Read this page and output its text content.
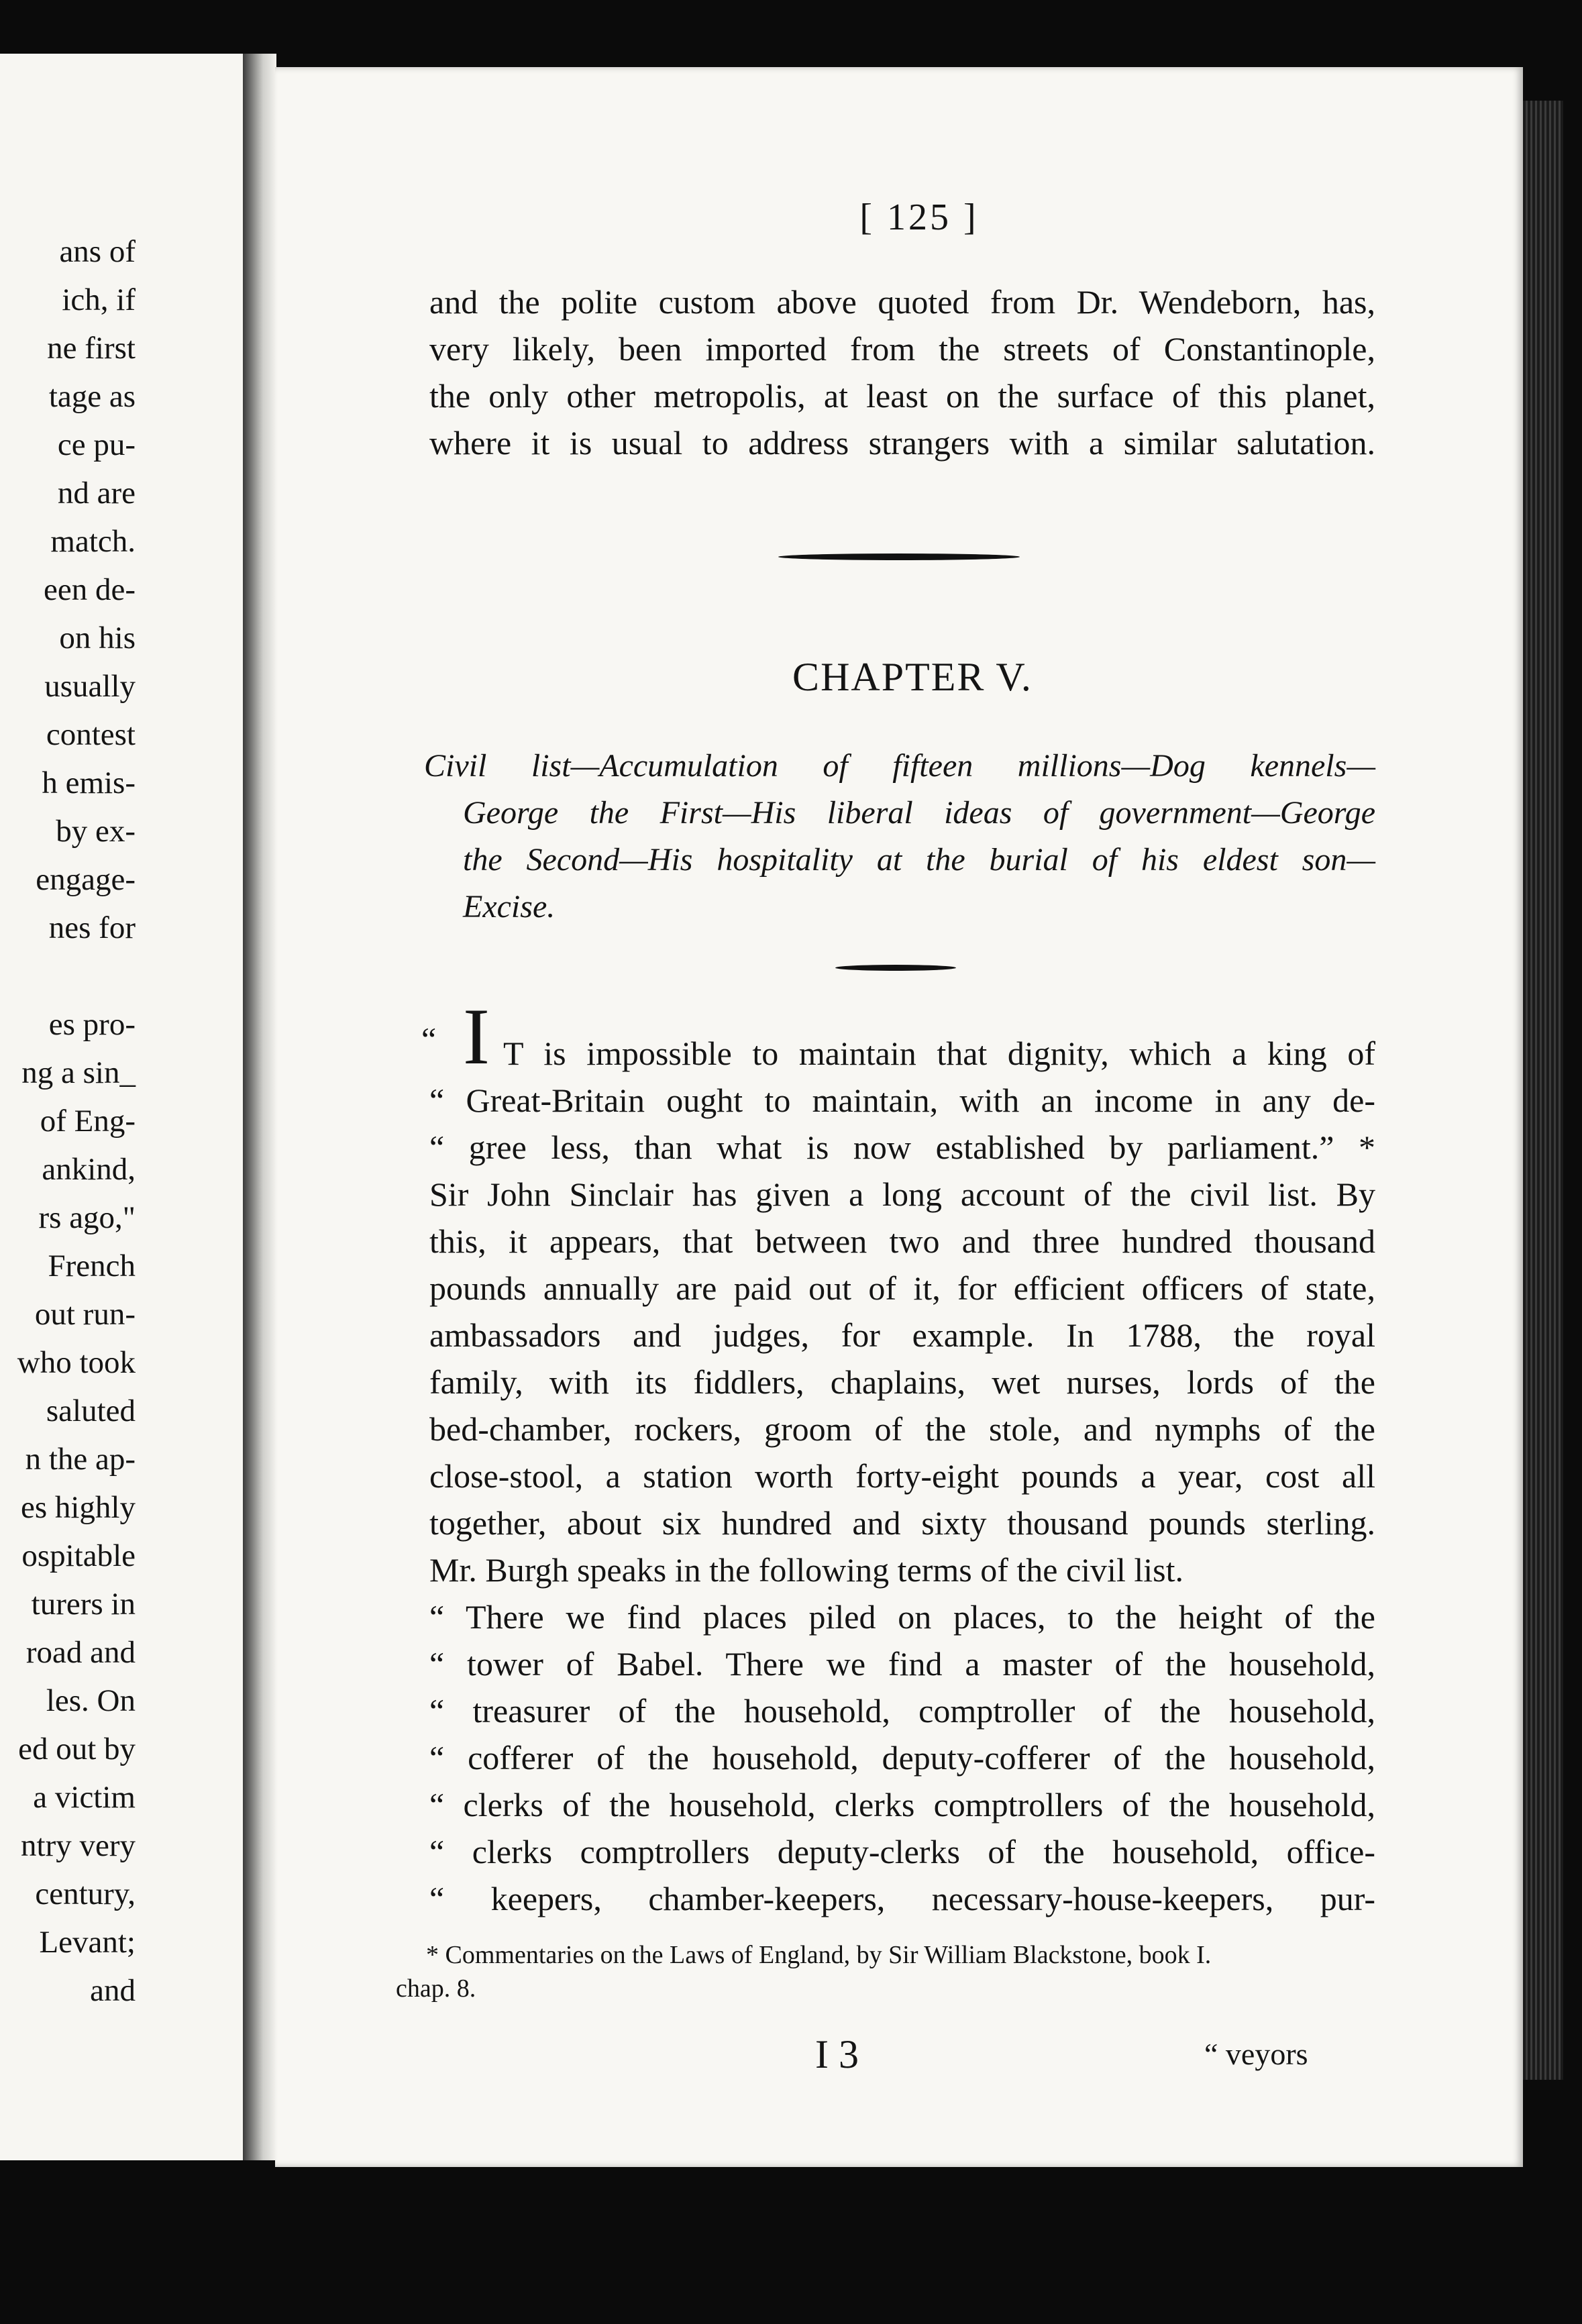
ans of
ich, if
ne first
tage as
ce pu-
nd are
match.
een de-
on his
usually
contest
h emis-
by ex-
engage-
nes for
es pro-
ng a sin_
of Eng-
ankind,
rs ago,"
French
out run-
who took
saluted
n the ap-
es highly
ospitable
turers in
road and
les. On
ed out by
a victim
ntry very
century,
Levant;
and
[ 125 ]
and the polite custom above quoted from Dr. Wendeborn, has,
very likely, been imported from the streets of Constantinople,
the only other metropolis, at least on the surface of this planet,
where it is usual to address strangers with a similar salutation.
CHAPTER V.
Civil list—Accumulation of fifteen millions—Dog kennels—
George the First—His liberal ideas of government—George
the Second—His hospitality at the burial of his eldest son—
Excise.
“ I T is impossible to maintain that dignity, which a king of
“ Great-Britain ought to maintain, with an income in any de-
“ gree less, than what is now established by parliament.” *
Sir John Sinclair has given a long account of the civil list. By
this, it appears, that between two and three hundred thousand
pounds annually are paid out of it, for efficient officers of state,
ambassadors and judges, for example. In 1788, the royal
family, with its fiddlers, chaplains, wet nurses, lords of the
bed-chamber, rockers, groom of the stole, and nymphs of the
close-stool, a station worth forty-eight pounds a year, cost all
together, about six hundred and sixty thousand pounds sterling.
Mr. Burgh speaks in the following terms of the civil list.
“ There we find places piled on places, to the height of the
“ tower of Babel. There we find a master of the household,
“ treasurer of the household, comptroller of the household,
“ cofferer of the household, deputy-cofferer of the household,
“ clerks of the household, clerks comptrollers of the household,
“ clerks comptrollers deputy-clerks of the household, office-
“ keepers, chamber-keepers, necessary-house-keepers, pur-
* Commentaries on the Laws of England, by Sir William Blackstone, book I.
chap. 8.
I 3	“ veyors
